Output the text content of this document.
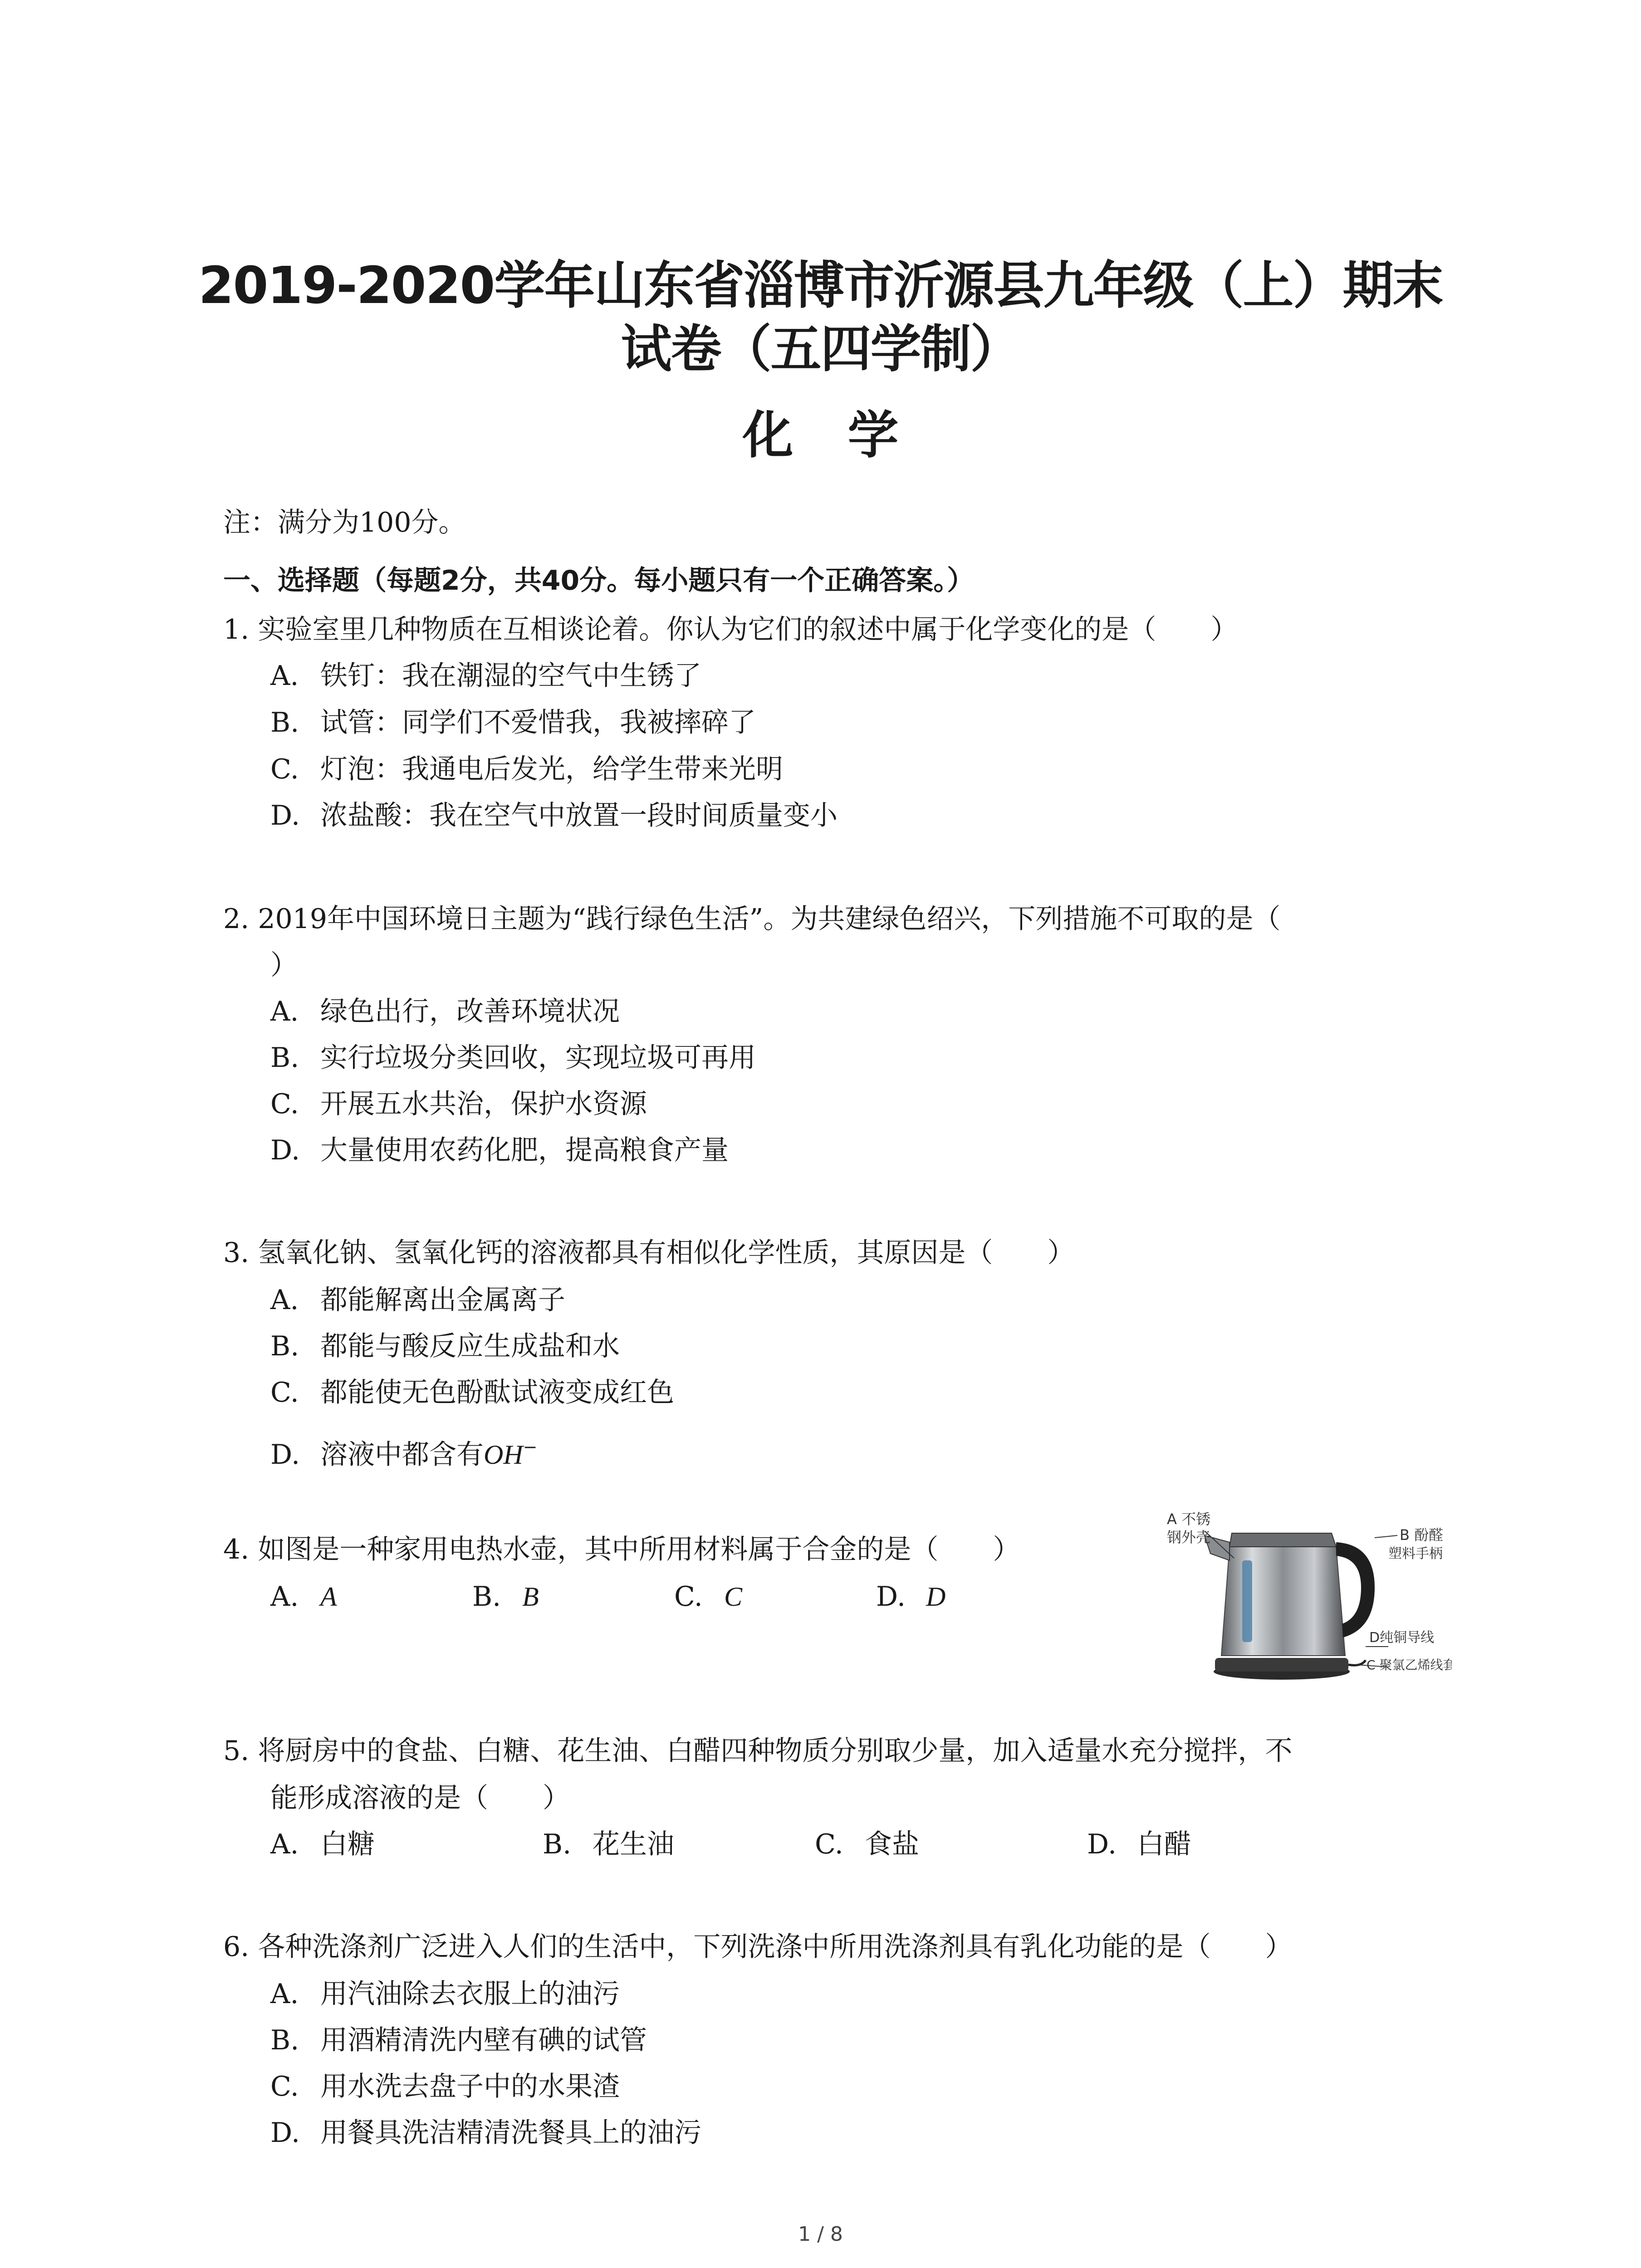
2019-2020学年山东省淄博市沂源县九年级（上）期末
试卷（五四学制）
化 学
注：满分为100分。
一、选择题（每题2分，共40分。每小题只有一个正确答案。）
1. 实验室里几种物质在互相谈论着。你认为它们的叙述中属于化学变化的是（　　）
A. 铁钉：我在潮湿的空气中生锈了
B. 试管：同学们不爱惜我，我被摔碎了
C. 灯泡：我通电后发光，给学生带来光明
D. 浓盐酸：我在空气中放置一段时间质量变小
2. 2019年中国环境日主题为“践行绿色生活”。为共建绿色绍兴，下列措施不可取的是（
）
A. 绿色出行，改善环境状况
B. 实行垃圾分类回收，实现垃圾可再用
C. 开展五水共治，保护水资源
D. 大量使用农药化肥，提高粮食产量
3. 氢氧化钠、氢氧化钙的溶液都具有相似化学性质，其原因是（　　）
A. 都能解离出金属离子
B. 都能与酸反应生成盐和水
C. 都能使无色酚酞试液变成红色
D. 溶液中都含有OH−
4. 如图是一种家用电热水壶，其中所用材料属于合金的是（　　）
A. A	B. B	C. C	D. D
A 不锈
钢外壳	B 酚醛
塑料手柄
D纯铜导线
C 聚氯乙烯线套
5. 将厨房中的食盐、白糖、花生油、白醋四种物质分别取少量，加入适量水充分搅拌，不
能形成溶液的是（　　）
A. 白糖	B. 花生油	C. 食盐	D. 白醋
6. 各种洗涤剂广泛进入人们的生活中，下列洗涤中所用洗涤剂具有乳化功能的是（　　）
A. 用汽油除去衣服上的油污
B. 用酒精清洗内壁有碘的试管
C. 用水洗去盘子中的水果渣
D. 用餐具洗洁精清洗餐具上的油污
1 / 8
